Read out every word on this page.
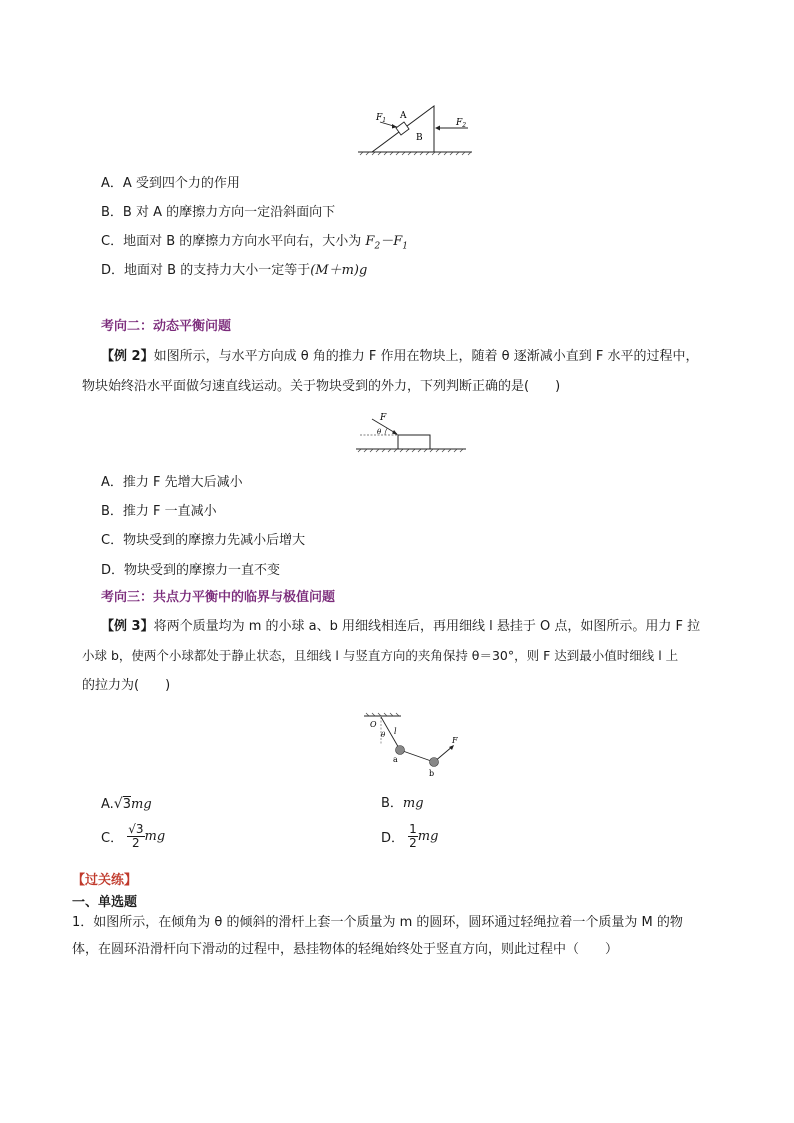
A
B
$F_1$	$F_2$
A．A 受到四个力的作用
B．B 对 A 的摩擦力方向一定沿斜面向下
C．地面对 B 的摩擦力方向水平向右，大小为 $F_2-F_1$
D．地面对 B 的支持力大小一定等于(M＋m)g
考向二：动态平衡问题
【例 2】如图所示，与水平方向成 θ 角的推力 F 作用在物块上，随着 θ 逐渐减小直到 F 水平的过程中，
物块始终沿水平面做匀速直线运动。关于物块受到的外力，下列判断正确的是(　　)
F
θ
A．推力 F 先增大后减小
B．推力 F 一直减小
C．物块受到的摩擦力先减小后增大
D．物块受到的摩擦力一直不变
考向三：共点力平衡中的临界与极值问题
【例 3】将两个质量均为 m 的小球 a、b 用细线相连后，再用细线 l 悬挂于 O 点，如图所示。用力 F 拉
小球 b，使两个小球都处于静止状态，且细线 l 与竖直方向的夹角保持 θ＝30°，则 F 达到最小值时细线 l 上
的拉力为(　　)
O
θ l
a
b
F
A.√3mg	B．mg
C． $\frac{√3}{2}$ mg	D． $\frac{1}{2}$ mg
【过关练】
一、单选题
1．如图所示，在倾角为 θ 的倾斜的滑杆上套一个质量为 m 的圆环，圆环通过轻绳拉着一个质量为 M 的物
体，在圆环沿滑杆向下滑动的过程中，悬挂物体的轻绳始终处于竖直方向，则此过程中（　　）
